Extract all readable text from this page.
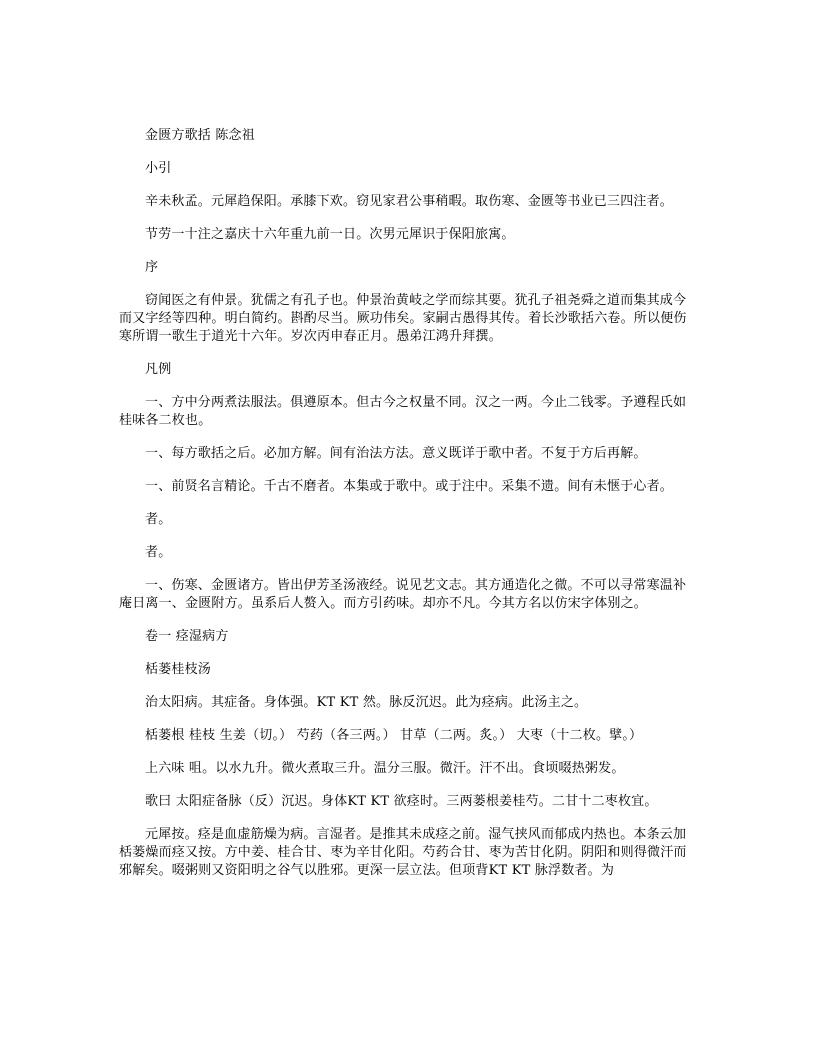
金匮方歌括 陈念祖

小引

辛未秋孟。元犀趋保阳。承膝下欢。窃见家君公事稍暇。取伤寒、金匮等书业已三四注者。

节劳一十注之嘉庆十六年重九前一日。次男元犀识于保阳旅寓。

序

窃闻医之有仲景。犹儒之有孔子也。仲景治黄岐之学而综其要。犹孔子祖尧舜之道而集其成今而又字经等四种。明白简约。斟酌尽当。厥功伟矣。家嗣古愚得其传。着长沙歌括六卷。所以便伤寒所谓一歌生于道光十六年。岁次丙申春正月。愚弟江鸿升拜撰。

凡例

一、方中分两煮法服法。俱遵原本。但古今之权量不同。汉之一两。今止二钱零。予遵程氏如桂味各二枚也。

一、每方歌括之后。必加方解。间有治法方法。意义既详于歌中者。不复于方后再解。

一、前贤名言精论。千古不磨者。本集或于歌中。或于注中。采集不遗。间有未惬于心者。

者。

者。

一、伤寒、金匮诸方。皆出伊芳圣汤液经。说见艺文志。其方通造化之微。不可以寻常寒温补庵日离一、金匮附方。虽系后人赘入。而方引药味。却亦不凡。今其方名以仿宋字体别之。

卷一 痉湿病方

栝蒌桂枝汤

治太阳病。其症备。身体强。KT KT 然。脉反沉迟。此为痉病。此汤主之。

栝蒌根 桂枝 生姜（切。） 芍药（各三两。） 甘草（二两。炙。） 大枣（十二枚。擘。）

上六味 咀。以水九升。微火煮取三升。温分三服。微汗。汗不出。食顷啜热粥发。

歌曰 太阳症备脉（反）沉迟。身体KT KT 欲痉时。三两蒌根姜桂芍。二甘十二枣枚宜。

元犀按。痉是血虚筋燥为病。言湿者。是推其未成痉之前。湿气挟风而郁成内热也。本条云加栝蒌燥而痉又按。方中姜、桂合甘、枣为辛甘化阳。芍药合甘、枣为苦甘化阴。阴阳和则得微汗而邪解矣。啜粥则又资阳明之谷气以胜邪。更深一层立法。但项背KT KT 脉浮数者。为
